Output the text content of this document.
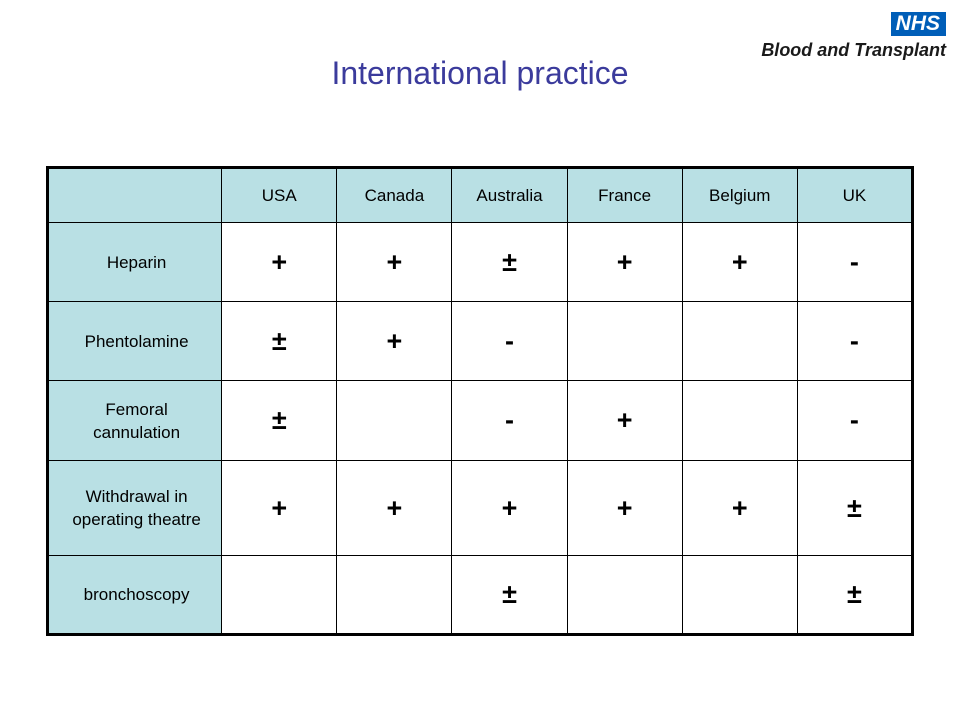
NHS
Blood and Transplant
International practice
	USA	Canada	Australia	France	Belgium	UK
Heparin	+	+	±	+	+	-
Phentolamine	±	+	-			-
Femoral cannulation	±		-	+		-
Withdrawal in operating theatre	+	+	+	+	+	±
bronchoscopy			±			±
